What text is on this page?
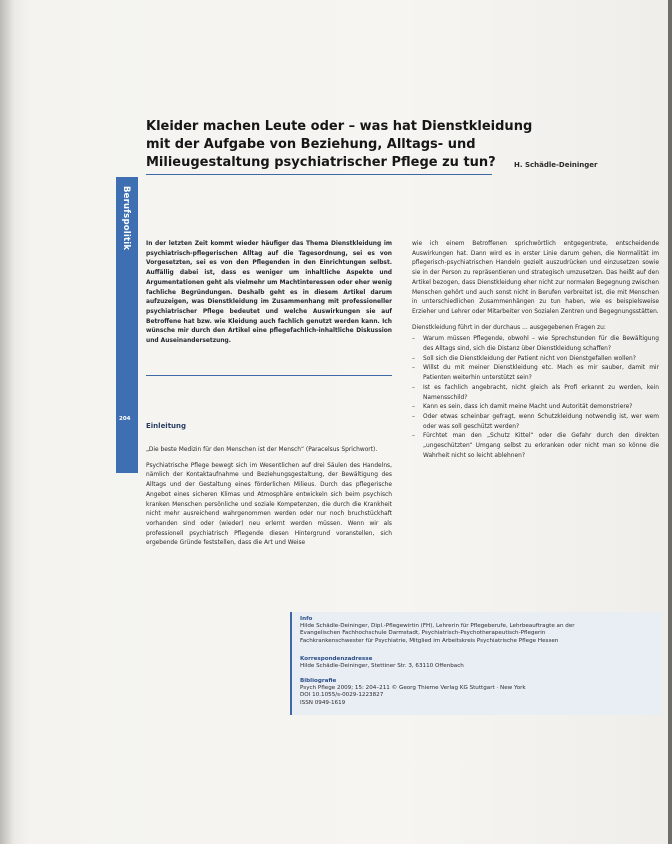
Kleider machen Leute oder – was hat Dienstkleidung
mit der Aufgabe von Beziehung, Alltags- und
Milieugestaltung psychiatrischer Pflege zu tun?	H. Schädle-Deininger
Berufspolitik
204

In der letzten Zeit kommt wieder häufiger das Thema Dienstkleidung im psychiatrisch-pflegerischen Alltag auf die Tagesordnung, sei es von Vorgesetzten, sei es von den Pflegenden in den Einrichtungen selbst. Auffällig dabei ist, dass es weniger um inhaltliche Aspekte und Argumentationen geht als vielmehr um Machtinteressen oder eher wenig fachliche Begründungen. Deshalb geht es in diesem Artikel darum aufzuzeigen, was Dienstkleidung im Zusammenhang mit professioneller psychiatrischer Pflege bedeutet und welche Auswirkungen sie auf Betroffene hat bzw. wie Kleidung auch fachlich genutzt werden kann. Ich wünsche mir durch den Artikel eine pflegefachlich-inhaltliche Diskussion und Auseinandersetzung.

Einleitung

„Die beste Medizin für den Menschen ist der Mensch“ (Paracelsus Sprichwort).

Psychiatrische Pflege bewegt sich im Wesentlichen auf drei Säulen des Handelns, nämlich der Kontaktaufnahme und Beziehungsgestaltung, der Bewältigung des Alltags und der Gestaltung eines förderlichen Milieus. Durch das pflegerische Angebot eines sicheren Klimas und Atmosphäre entwickeln sich beim psychisch kranken Menschen persönliche und soziale Kompetenzen, die durch die Krankheit nicht mehr ausreichend wahrgenommen werden oder nur noch bruchstückhaft vorhanden sind oder (wieder) neu erlernt werden müssen. Wenn wir als professionell psychiatrisch Pflegende diesen Hintergrund voranstellen, sich ergebende Gründe feststellen, dass die Art und Weise

wie ich einem Betroffenen sprichwörtlich entgegentrete, entscheidende Auswirkungen hat. Dann wird es in erster Linie darum gehen, die Normalität im pflegerisch-psychiatrischen Handeln gezielt auszudrücken und einzusetzen sowie sie in der Person zu repräsentieren und strategisch umzusetzen. Das heißt auf den Artikel bezogen, dass Dienstkleidung eher nicht zur normalen Begegnung zwischen Menschen gehört und auch sonst nicht in Berufen verbreitet ist, die mit Menschen in unterschiedlichen Zusammenhängen zu tun haben, wie es beispielsweise Erzieher und Lehrer oder Mitarbeiter von Sozialen Zentren und Begegnungsstätten.

Dienstkleidung führt in der durchaus ... ausgegebenen Fragen zu:

– Warum müssen Pflegende, obwohl – wie Sprechstunden für die Bewältigung des Alltags sind, sich die Distanz über Dienstkleidung schaffen?
– Soll sich die Dienstkleidung der Patient nicht von Dienstgefallen wollen?
– Willst du mit meiner Dienstkleidung etc. Mach es mir sauber, damit mir Patienten weiterhin unterstützt sein?
– Ist es fachlich angebracht, nicht gleich als Profi erkannt zu werden, kein Namensschild?
– Kann es sein, dass ich damit meine Macht und Autorität demonstriere?
– Oder etwas scheinbar gefragt, wenn Schutzkleidung notwendig ist, wer wem oder was soll geschützt werden?
– Fürchtet man den „Schutz Kittel“ oder die Gefahr durch den direkten „ungeschützten“ Umgang selbst zu erkranken oder nicht man so könne die Wahrheit nicht so leicht ablehnen?
Info
Hilde Schädle-Deininger, Dipl.-Pflegewirtin (FH), Lehrerin für Pflegeberufe, Lehrbeauftragte an der
Evangelischen Fachhochschule Darmstadt, Psychiatrisch-Psychotherapeutisch-Pflegerin
Fachkrankenschwester für Psychiatrie, Mitglied im Arbeitskreis Psychiatrische Pflege Hessen
Korrespondenzadresse
Hilde Schädle-Deininger, Stettiner Str. 3, 63110 Offenbach
Bibliografie
Psych Pflege 2009; 15: 204–211 © Georg Thieme Verlag KG Stuttgart · New York
DOI 10.1055/s-0029-1223827
ISSN 0949-1619
